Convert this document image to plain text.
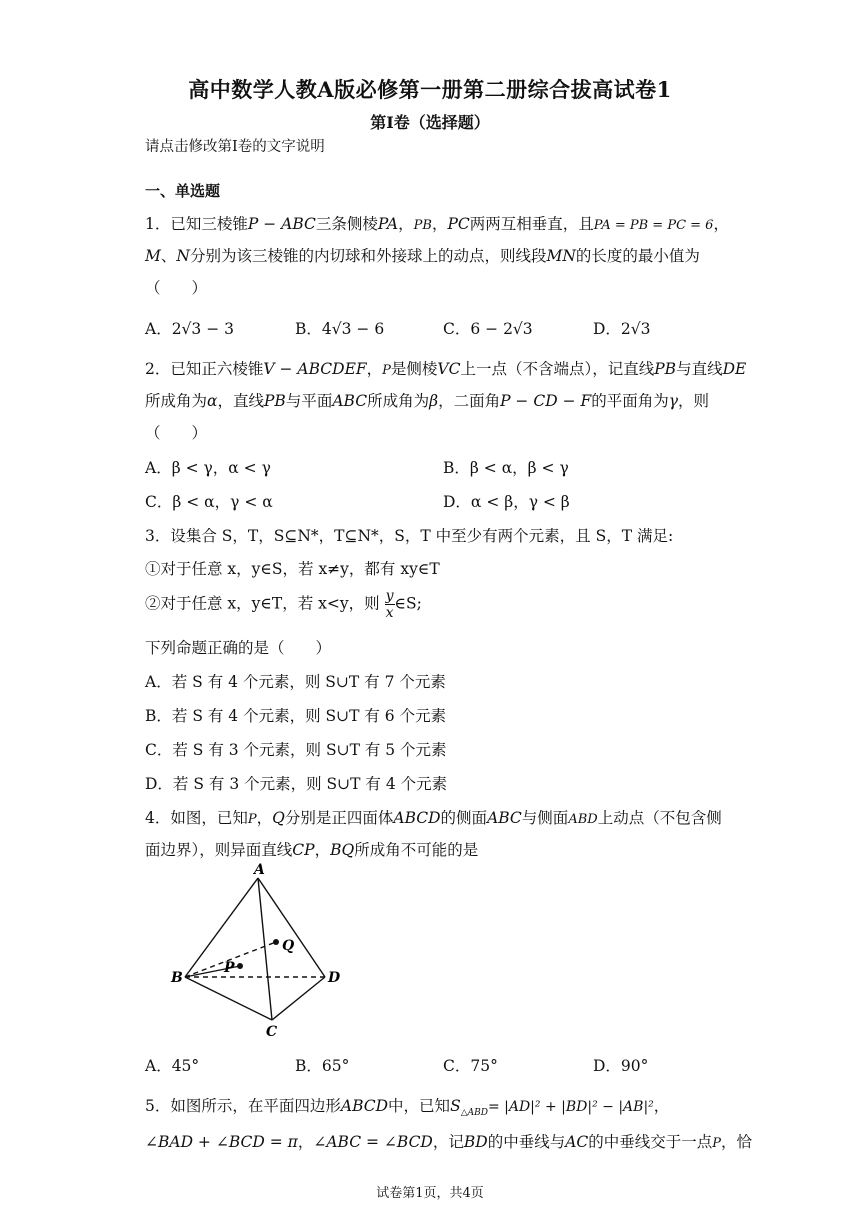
高中数学人教A版必修第一册第二册综合拔高试卷1
第I卷（选择题）
请点击修改第I卷的文字说明
一、单选题
1．已知三棱锥P − ABC三条侧棱PA，PB，PC两两互相垂直，且PA = PB = PC = 6，
M、N分别为该三棱锥的内切球和外接球上的动点，则线段MN的长度的最小值为
（　　）
A．2√3 − 3	B．4√3 − 6	C．6 − 2√3	D．2√3
2．已知正六棱锥V − ABCDEF，P是侧棱VC上一点（不含端点），记直线PB与直线DE
所成角为α，直线PB与平面ABC所成角为β，二面角P − CD − F的平面角为γ，则
（　　）
A．β < γ，α < γ	B．β < α，β < γ
C．β < α，γ < α	D．α < β，γ < β
3．设集合 S，T，S⊆N*，T⊆N*，S，T 中至少有两个元素，且 S，T 满足:
①对于任意 x，y∈S，若 x≠y，都有 xy∈T
②对于任意 x，y∈T，若 x<y，则 $\frac{y}{x}$ ∈S;
下列命题正确的是（　　）
A．若 S 有 4 个元素，则 S∪T 有 7 个元素
B．若 S 有 4 个元素，则 S∪T 有 6 个元素
C．若 S 有 3 个元素，则 S∪T 有 5 个元素
D．若 S 有 3 个元素，则 S∪T 有 4 个元素
4．如图，已知P，Q分别是正四面体ABCD的侧面ABC与侧面ABD上动点（不包含侧
面边界），则异面直线CP，BQ所成角不可能的是
A
B
C
D
P
Q
A．45°	B．65°	C．75°	D．90°
5．如图所示，在平面四边形ABCD中，已知$S_{\triangle ABD}= |AD|^2 + |BD|^2 - |AB|^2$，
∠BAD + ∠BCD = π，∠ABC = ∠BCD，记BD的中垂线与AC的中垂线交于一点P，恰
试卷第1页，共4页
